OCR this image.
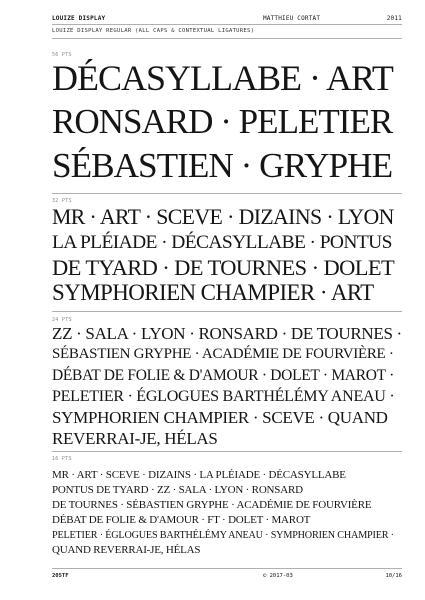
LOUIZE DISPLAY	MATTHIEU CORTAT	2011
LOUIZE DISPLAY REGULAR (ALL CAPS & CONTEXTUAL LIGATURES)
56 PTS
DÉCASYLLABE · ART
RONSARD · PELETIER
SÉBASTIEN · GRYPHE
32 PTS
MR · ART · SCEVE · DIZAINS · LYON
LA PLÉIADE · DÉCASYLLABE · PONTUS
DE TYARD · DE TOURNES · DOLET
SYMPHORIEN CHAMPIER · ART
24 PTS
ZZ · SALA · LYON · RONSARD · DE TOURNES ·
SÉBASTIEN GRYPHE · ACADÉMIE DE FOURVIÈRE ·
DÉBAT DE FOLIE & D'AMOUR · DOLET · MAROT ·
PELETIER · ÉGLOGUES BARTHÉLÉMY ANEAU ·
SYMPHORIEN CHAMPIER · SCEVE · QUAND
REVERRAI-JE, HÉLAS
16 PTS
MR · ART · SCEVE · DIZAINS · LA PLÉIADE · DÉCASYLLABE
PONTUS DE TYARD · ZZ · SALA · LYON · RONSARD
DE TOURNES · SÉBASTIEN GRYPHE · ACADÉMIE DE FOURVIÈRE
DÉBAT DE FOLIE & D'AMOUR · FT · DOLET · MAROT
PELETIER · ÉGLOGUES BARTHÉLÉMY ANEAU · SYMPHORIEN CHAMPIER ·
QUAND REVERRAI-JE, HÉLAS
205TF	© 2017-03	10/16
